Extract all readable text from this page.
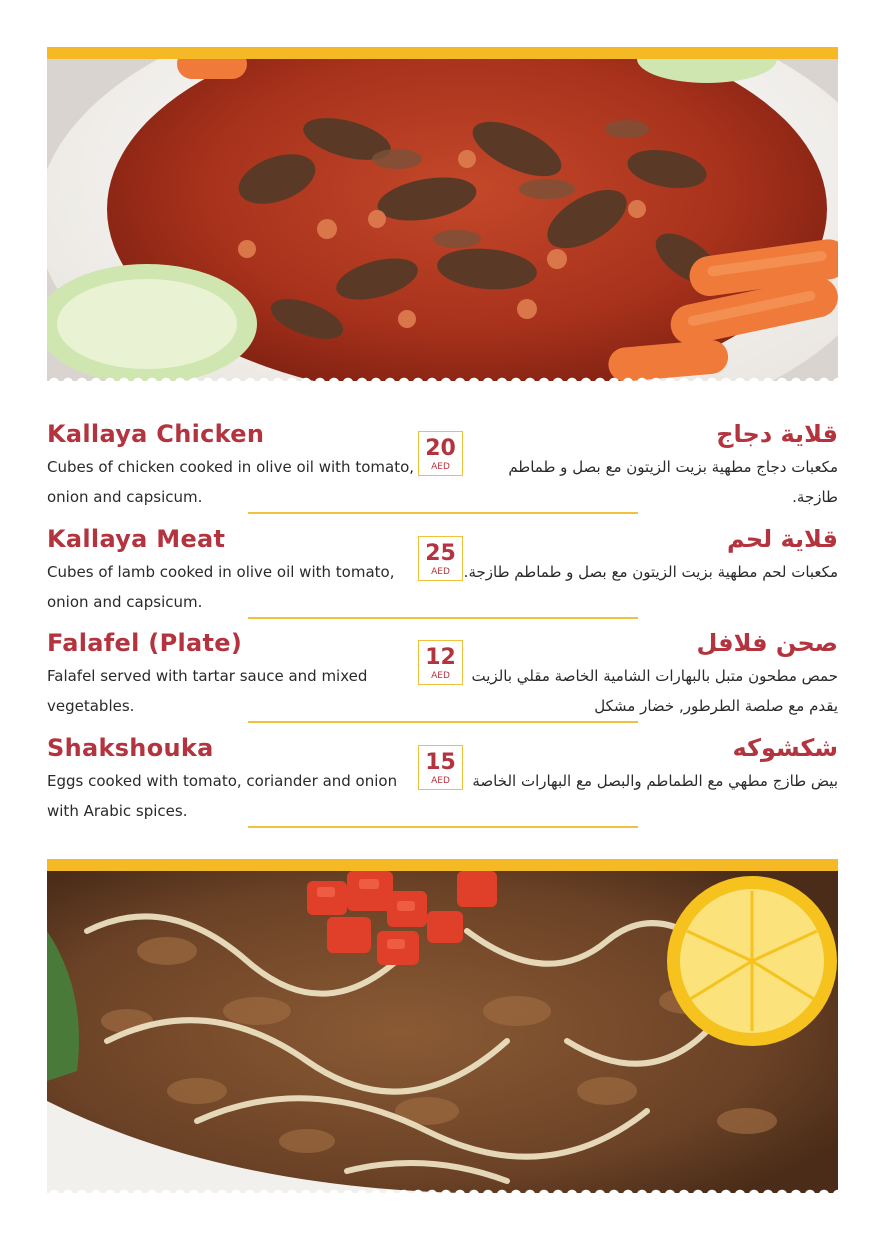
Kallaya Chicken
Cubes of chicken cooked in olive oil with tomato, onion and capsicum.
20
AED
قلاية دجاج
مكعبات دجاج مطهية بزيت الزيتون مع بصل و طماطم طازجة.
Kallaya Meat
Cubes of lamb cooked in olive oil with tomato, onion and capsicum.
25
AED
قلاية لحم
مكعبات لحم مطهية بزيت الزيتون مع بصل و طماطم طازجة.
Falafel (Plate)
Falafel served with tartar sauce and mixed vegetables.
12
AED
صحن فلافل
حمص مطحون متبل بالبهارات الشامية الخاصة مقلي بالزيت يقدم مع صلصة الطرطور, خضار مشكل
Shakshouka
Eggs cooked with tomato, coriander and onion with Arabic spices.
15
AED
شكشوكه
بيض طازج مطهي مع الطماطم والبصل مع البهارات الخاصة
